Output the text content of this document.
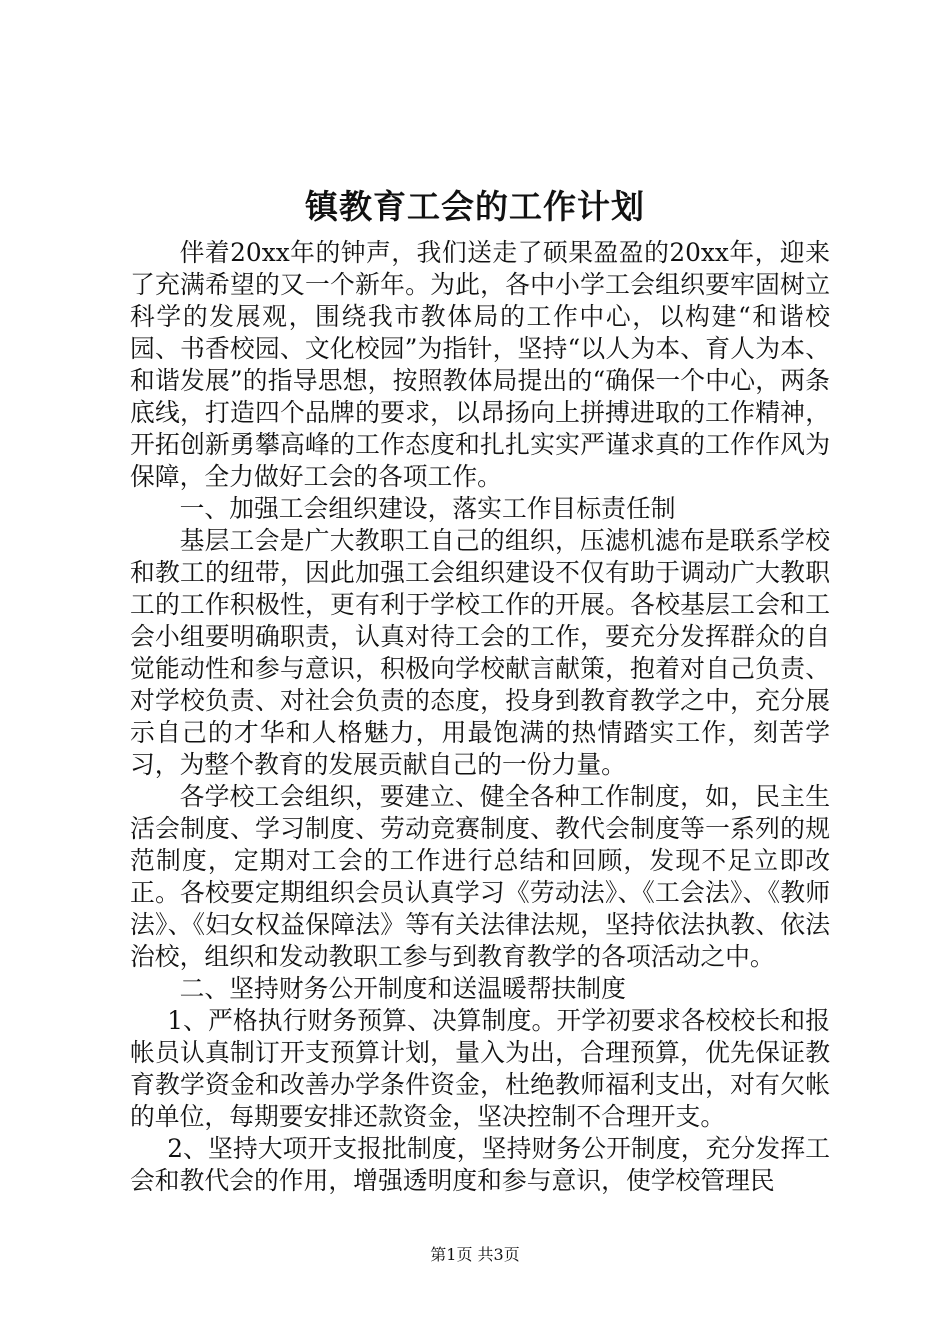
镇教育工会的工作计划

伴着20xx年的钟声，我们送走了硕果盈盈的20xx年，迎来了充满希望的又一个新年。为此，各中小学工会组织要牢固树立科学的发展观，围绕我市教体局的工作中心，以构建“和谐校园、书香校园、文化校园”为指针，坚持“以人为本、育人为本、和谐发展”的指导思想，按照教体局提出的“确保一个中心，两条底线，打造四个品牌的要求，以昂扬向上拼搏进取的工作精神，开拓创新勇攀高峰的工作态度和扎扎实实严谨求真的工作作风为保障，全力做好工会的各项工作。

一、加强工会组织建设，落实工作目标责任制

基层工会是广大教职工自己的组织，压滤机滤布是联系学校和教工的纽带，因此加强工会组织建设不仅有助于调动广大教职工的工作积极性，更有利于学校工作的开展。各校基层工会和工会小组要明确职责，认真对待工会的工作，要充分发挥群众的自觉能动性和参与意识，积极向学校献言献策，抱着对自己负责、对学校负责、对社会负责的态度，投身到教育教学之中，充分展示自己的才华和人格魅力，用最饱满的热情踏实工作，刻苦学习，为整个教育的发展贡献自己的一份力量。

各学校工会组织，要建立、健全各种工作制度，如，民主生活会制度、学习制度、劳动竞赛制度、教代会制度等一系列的规范制度，定期对工会的工作进行总结和回顾，发现不足立即改正。各校要定期组织会员认真学习《劳动法》、《工会法》、《教师法》、《妇女权益保障法》等有关法律法规，坚持依法执教、依法治校，组织和发动教职工参与到教育教学的各项活动之中。

二、坚持财务公开制度和送温暖帮扶制度

1、严格执行财务预算、决算制度。开学初要求各校校长和报帐员认真制订开支预算计划，量入为出，合理预算，优先保证教育教学资金和改善办学条件资金，杜绝教师福利支出，对有欠帐的单位，每期要安排还款资金，坚决控制不合理开支。

2、坚持大项开支报批制度，坚持财务公开制度，充分发挥工会和教代会的作用，增强透明度和参与意识，使学校管理民

第1页 共3页
